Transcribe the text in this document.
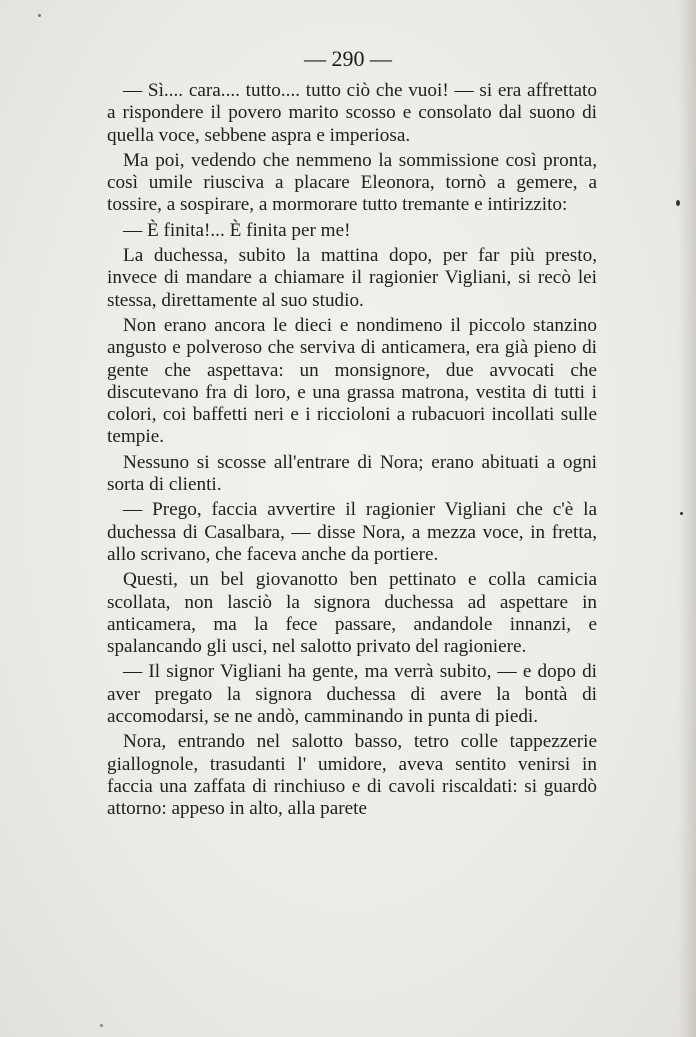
— 290 —

— Sì.... cara.... tutto.... tutto ciò che vuoi! — si era affrettato a rispondere il povero marito scosso e consolato dal suono di quella voce, sebbene aspra e imperiosa.

Ma poi, vedendo che nemmeno la sommissione così pronta, così umile riusciva a placare Eleonora, tornò a gemere, a tossire, a sospirare, a mormorare tutto tremante e intirizzito:

— È finita!... È finita per me!

La duchessa, subito la mattina dopo, per far più presto, invece di mandare a chiamare il ragionier Vigliani, si recò lei stessa, direttamente al suo studio.

Non erano ancora le dieci e nondimeno il piccolo stanzino angusto e polveroso che serviva di anticamera, era già pieno di gente che aspettava: un monsignore, due avvocati che discutevano fra di loro, e una grassa matrona, vestita di tutti i colori, coi baffetti neri e i riccioloni a rubacuori incollati sulle tempie.

Nessuno si scosse all'entrare di Nora; erano abituati a ogni sorta di clienti.

— Prego, faccia avvertire il ragionier Vigliani che c'è la duchessa di Casalbara, — disse Nora, a mezza voce, in fretta, allo scrivano, che faceva anche da portiere.

Questi, un bel giovanotto ben pettinato e colla camicia scollata, non lasciò la signora duchessa ad aspettare in anticamera, ma la fece passare, andandole innanzi, e spalancando gli usci, nel salotto privato del ragioniere.

— Il signor Vigliani ha gente, ma verrà subito, — e dopo di aver pregato la signora duchessa di avere la bontà di accomodarsi, se ne andò, camminando in punta di piedi.

Nora, entrando nel salotto basso, tetro colle tappezzerie giallognole, trasudanti l' umidore, aveva sentito venirsi in faccia una zaffata di rinchiuso e di cavoli riscaldati: si guardò attorno: appeso in alto, alla parete
